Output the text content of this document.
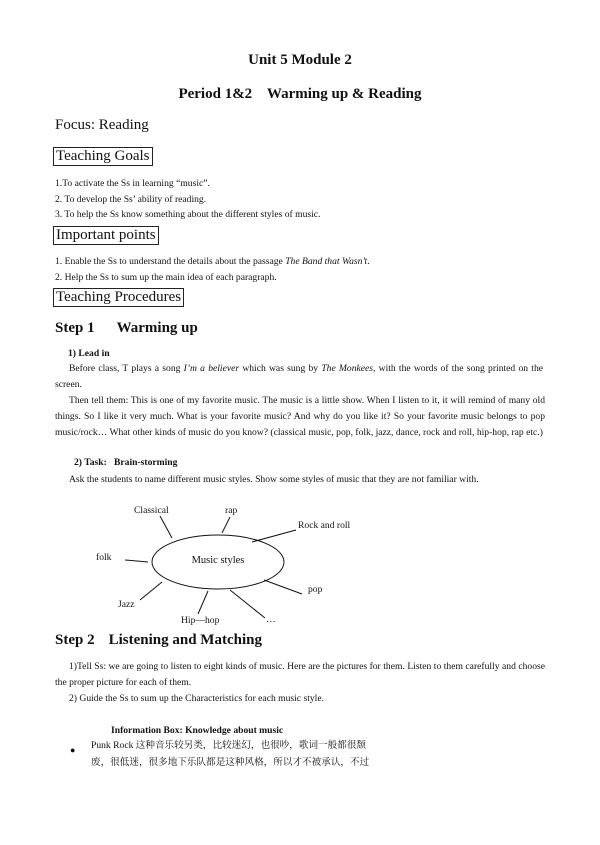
Unit 5 Module 2
Period 1&2    Warming up & Reading
Focus: Reading
Teaching Goals
1.To activate the Ss in learning “music”.
2. To develop the Ss’ ability of reading.
3. To help the Ss know something about the different styles of music.
Important points
1. Enable the Ss to understand the details about the passage The Band that Wasn’t.
2. Help the Ss to sum up the main idea of each paragraph.
Teaching Procedures
Step 1 Warming up
1) Lead in
Before class, T plays a song I’m a believer which was sung by The Monkees, with the words of the song printed on the screen.
Then tell them: This is one of my favorite music. The music is a little show. When I listen to it, it will remind of many old things. So I like it very much. What is your favorite music? And why do you like it? So your favorite music belongs to pop music/rock… What other kinds of music do you know? (classical music, pop, folk, jazz, dance, rock and roll, hip-hop, rap etc.)
2) Task:   Brain-storming
Ask the students to name different music styles. Show some styles of music that they are not familiar with.
Music styles
Classical	rap
Rock and roll
folk
pop
Jazz
Hip—hop	…
Step 2 Listening and Matching
1)Tell Ss: we are going to listen to eight kinds of music. Here are the pictures for them. Listen to them carefully and choose the proper picture for each of them.
2) Guide the Ss to sum up the Characteristics for each music style.
Information Box: Knowledge about music
● Punk Rock 这种音乐较另类，比较迷幻，也很吵，歌词一般都很颓
废，很低迷，很多地下乐队都是这种风格，所以才不被承认，不过
